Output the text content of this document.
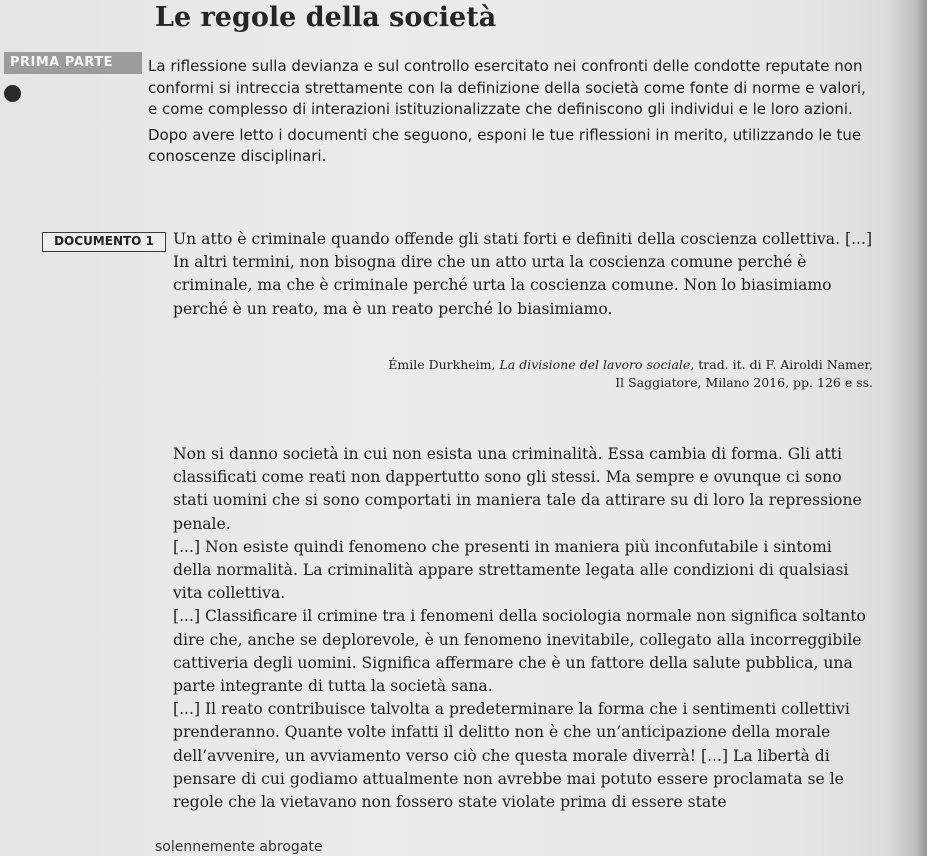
Le regole della società
PRIMA PARTE	La riflessione sulla devianza e sul controllo esercitato nei confronti delle condotte reputate non conformi si intreccia strettamente con la definizione della società come fonte di norme e valori, e come complesso di interazioni istituzionalizzate che definiscono gli individui e le loro azioni.

Dopo avere letto i documenti che seguono, esponi le tue riflessioni in merito, utilizzando le tue conoscenze disciplinari.

DOCUMENTO 1	Un atto è criminale quando offende gli stati forti e definiti della coscienza collettiva. [...] In altri termini, non bisogna dire che un atto urta la coscienza comune perché è criminale, ma che è criminale perché urta la coscienza comune. Non lo biasimiamo perché è un reato, ma è un reato perché lo biasimiamo.

Émile Durkheim, La divisione del lavoro sociale, trad. it. di F. Airoldi Namer,
Il Saggiatore, Milano 2016, pp. 126 e ss.

Non si danno società in cui non esista una criminalità. Essa cambia di forma. Gli atti classificati come reati non dappertutto sono gli stessi. Ma sempre e ovunque ci sono stati uomini che si sono comportati in maniera tale da attirare su di loro la repressione penale.

[...] Non esiste quindi fenomeno che presenti in maniera più inconfutabile i sintomi della normalità. La criminalità appare strettamente legata alle condizioni di qualsiasi vita collettiva.

[...] Classificare il crimine tra i fenomeni della sociologia normale non significa soltanto dire che, anche se deplorevole, è un fenomeno inevitabile, collegato alla incorreggibile cattiveria degli uomini. Significa affermare che è un fattore della salute pubblica, una parte integrante di tutta la società sana.

[...] Il reato contribuisce talvolta a predeterminare la forma che i sentimenti collettivi prenderanno. Quante volte infatti il delitto non è che un’anticipazione della morale dell’avvenire, un avviamento verso ciò che questa morale diverrà! [...] La libertà di pensare di cui godiamo attualmente non avrebbe mai potuto essere proclamata se le regole che la vietavano non fossero state violate prima di essere state

solennemente abrogate
